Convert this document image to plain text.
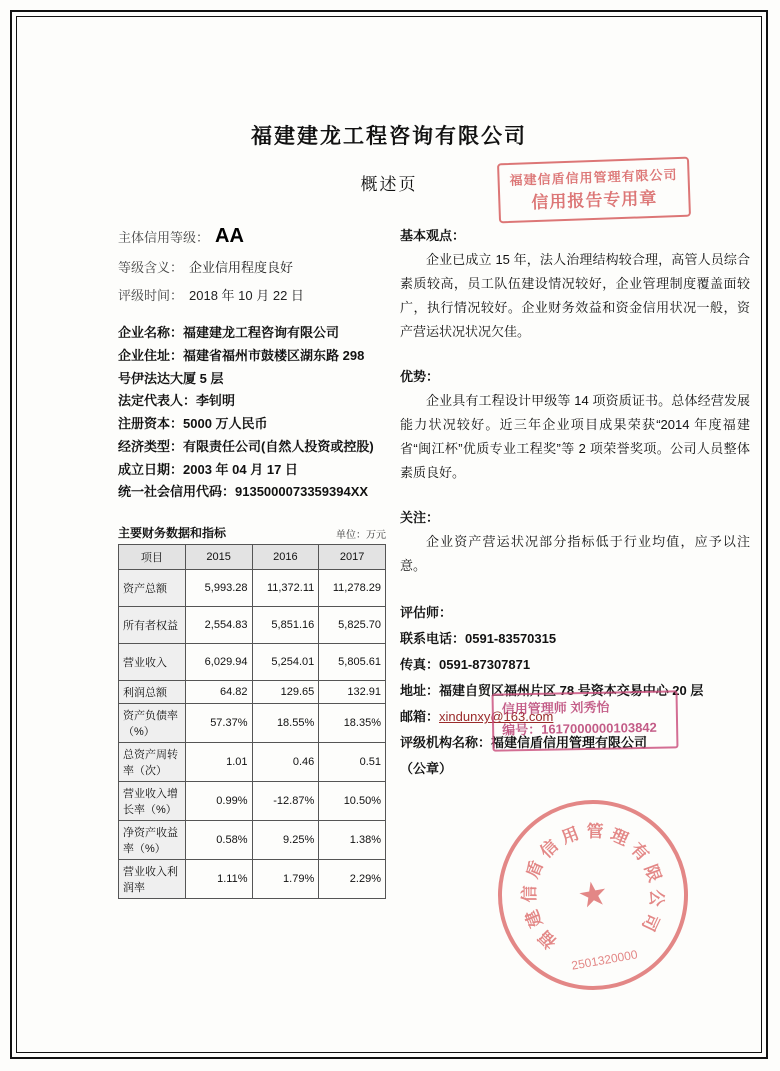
福建建龙工程咨询有限公司
概述页
主体信用等级： AA
等级含义： 企业信用程度良好
评级时间： 2018 年 10 月 22 日
企业名称：福建建龙工程咨询有限公司
企业住址：福建省福州市鼓楼区湖东路 298 号伊法达大厦 5 层
法定代表人：李钊明
注册资本：5000 万人民币
经济类型：有限责任公司(自然人投资或控股)
成立日期：2003 年 04 月 17 日
统一社会信用代码：9135000073359394XX
主要财务数据和指标	单位：万元
项目	2015	2016	2017
资产总额	5,993.28	11,372.11	11,278.29
所有者权益	2,554.83	5,851.16	5,825.70
营业收入	6,029.94	5,254.01	5,805.61
利润总额	64.82	129.65	132.91
资产负债率（%）	57.37%	18.55%	18.35%
总资产周转率（次）	1.01	0.46	0.51
营业收入增长率（%）	0.99%	-12.87%	10.50%
净资产收益率（%）	0.58%	9.25%	1.38%
营业收入利润率	1.11%	1.79%	2.29%
基本观点：
企业已成立 15 年，法人治理结构较合理，高管人员综合素质较高，员工队伍建设情况较好，企业管理制度覆盖面较广，执行情况较好。企业财务效益和资金信用状况一般，资产营运状况状况欠佳。
优势：
企业具有工程设计甲级等 14 项资质证书。总体经营发展能力状况较好。近三年企业项目成果荣获“2014 年度福建省“闽江杯”优质专业工程奖”等 2 项荣誉奖项。公司人员整体素质良好。
关注：
企业资产营运状况部分指标低于行业均值，应予以注意。
评估师：
联系电话：0591-83570315
传真：0591-87307871
地址：福建自贸区福州片区 78 号资本交易中心 20 层
邮箱：xindunxy@163.com
评级机构名称：福建信盾信用管理有限公司
（公章）
福建信盾信用管理有限公司
信用报告专用章
信用管理师 刘秀怡
编号：1617000000103842
福
建
信
盾
信
用 管 理
有
限
公
司
★
2501320000
